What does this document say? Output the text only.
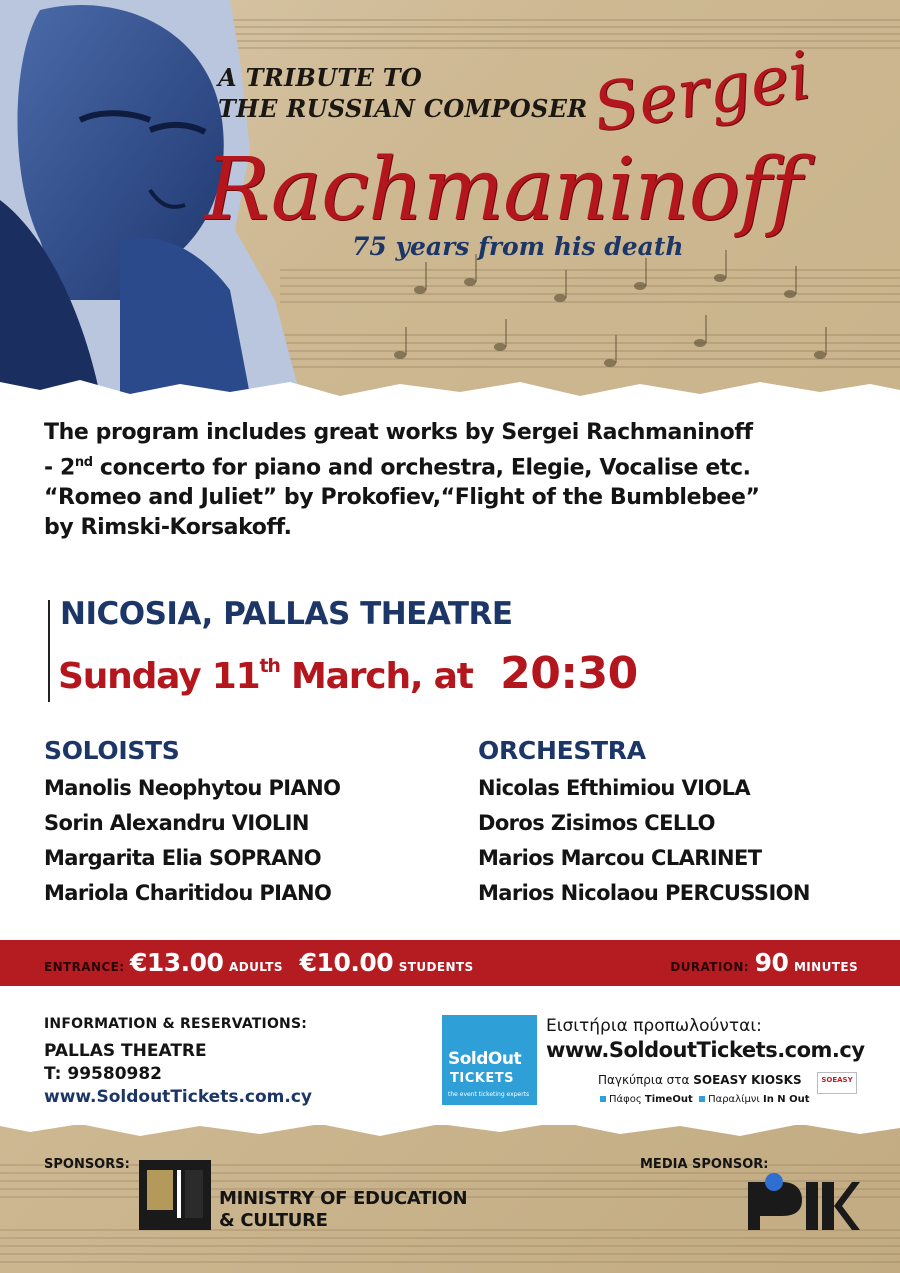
A TRIBUTE TO
THE RUSSIAN COMPOSER Sergei
Rachmaninoff
75 years from his death
The program includes great works by Sergei Rachmaninoff
- 2nd concerto for piano and orchestra, Elegie, Vocalise etc.
“Romeo and Juliet” by Prokofiev,“Flight of the Bumblebee”
by Rimski-Korsakoff.
NICOSIA, PALLAS THEATRE
Sunday 11th March, at 20:30
SOLOISTS
Manolis Neophytou PIANO
Sorin Alexandru VIOLIN
Margarita Elia SOPRANO
Mariola Charitidou PIANO
ORCHESTRA
Nicolas Efthimiou VIOLA
Doros Zisimos CELLO
Marios Marcou CLARINET
Marios Nicolaou PERCUSSION
ENTRANCE: €13.00 ADULTS €10.00 STUDENTS	DURATION: 90 MINUTES
INFORMATION & RESERVATIONS:
PALLAS THEATRE
T: 99580982
www.SoldoutTickets.com.cy
SoldOut
TICKETS
the event ticketing experts
Εισιτήρια προπωλούνται:
www.SoldoutTickets.com.cy
Παγκύπρια στα SOEASY KIOSKS	SOEASY
Πάφος TimeOut Παραλίμνι In N Out
SPONSORS:
MINISTRY OF EDUCATION
& CULTURE
MEDIA SPONSOR:
